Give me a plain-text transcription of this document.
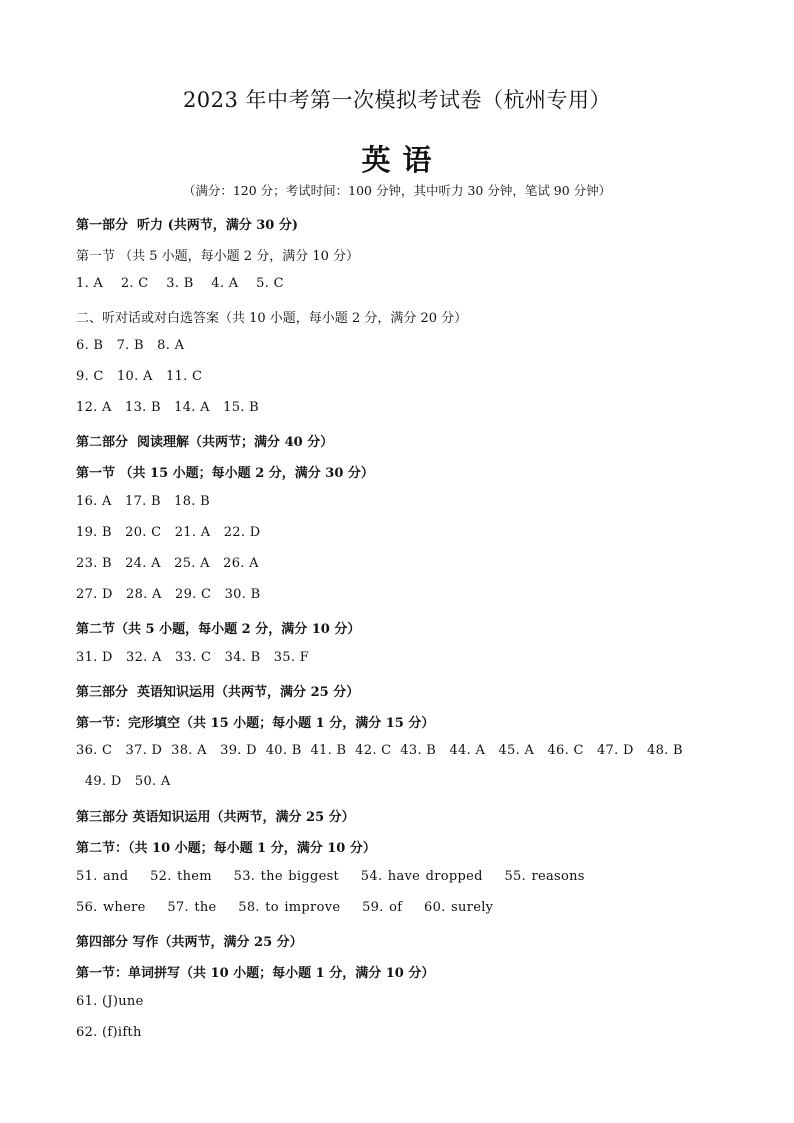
2023 年中考第一次模拟考试卷（杭州专用）
英 语
（满分：120 分；考试时间：100 分钟，其中听力 30 分钟，笔试 90 分钟）
第一部分  听力 (共两节，满分 30 分)
第一节 （共 5 小题，每小题 2 分，满分 10 分）
1. A    2. C    3. B    4. A    5. C
二、听对话或对白选答案（共 10 小题，每小题 2 分，满分 20 分）
6. B   7. B   8. A
9. C   10. A   11. C
12. A   13. B   14. A   15. B
第二部分  阅读理解（共两节；满分 40 分）
第一节 （共 15 小题；每小题 2 分，满分 30 分）
16. A   17. B   18. B
19. B   20. C   21. A   22. D
23. B   24. A   25. A   26. A
27. D   28. A   29. C   30. B
第二节（共 5 小题，每小题 2 分，满分 10 分）
31. D   32. A   33. C   34. B   35. F
第三部分  英语知识运用（共两节，满分 25 分）
第一节：完形填空（共 15 小题；每小题 1 分，满分 15 分）
36. C   37. D  38. A   39. D  40. B  41. B  42. C  43. B   44. A   45. A   46. C   47. D   48. B
49. D   50. A
第三部分 英语知识运用（共两节，满分 25 分）
第二节：（共 10 小题；每小题 1 分，满分 10 分）
51. and    52. them    53. the biggest    54. have dropped    55. reasons
56. where    57. the    58. to improve    59. of    60. surely
第四部分 写作（共两节，满分 25 分）
第一节：单词拼写（共 10 小题；每小题 1 分，满分 10 分）
61. (J)une
62. (f)ifth
